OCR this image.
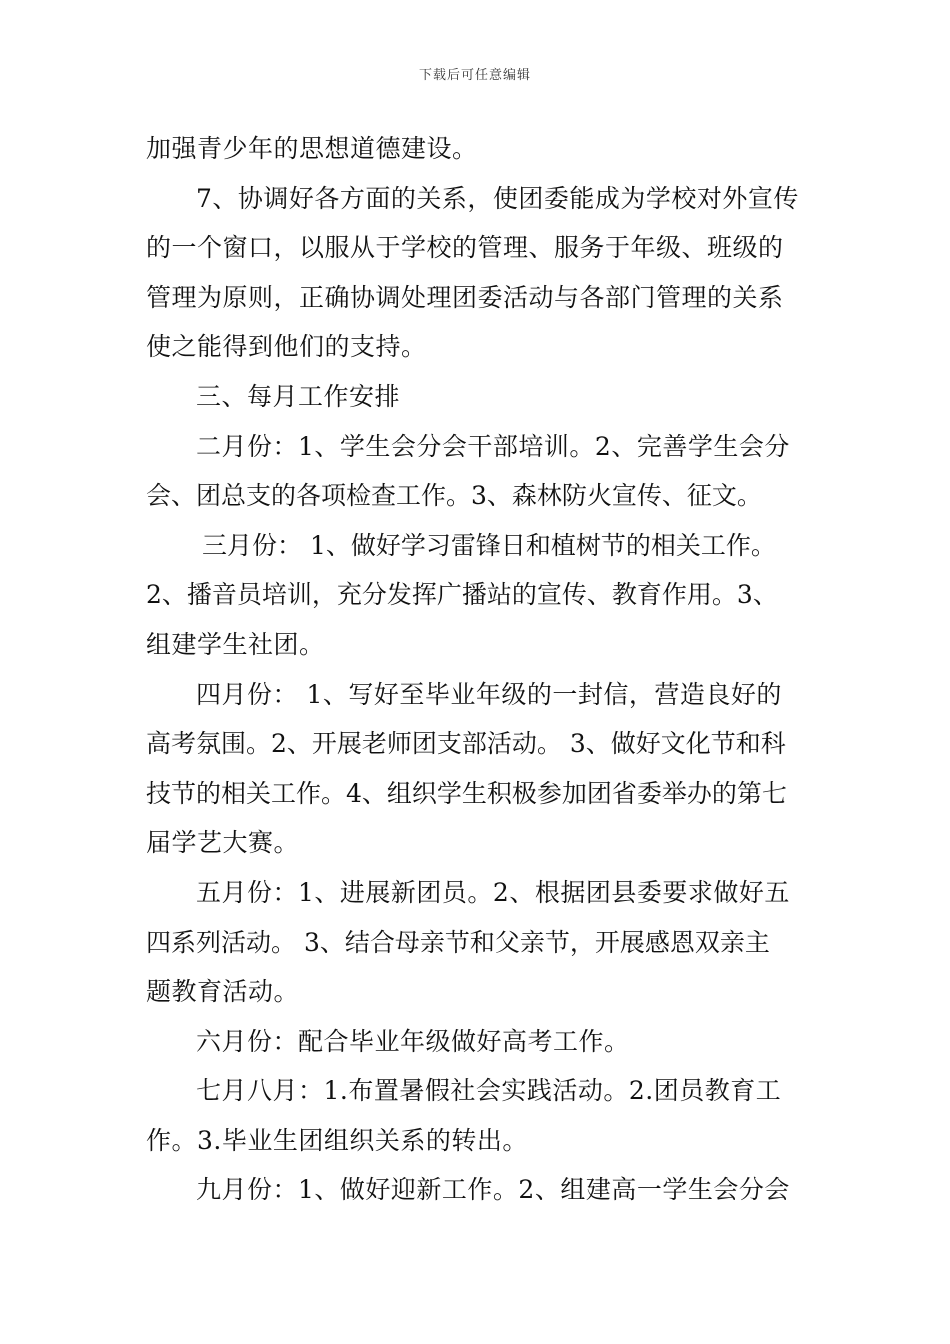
下载后可任意编辑
加强青少年的思想道德建设。
7、协调好各方面的关系，使团委能成为学校对外宣传
的一个窗口，以服从于学校的管理、服务于年级、班级的
管理为原则，正确协调处理团委活动与各部门管理的关系
使之能得到他们的支持。
三、每月工作安排
二月份：1、学生会分会干部培训。2、完善学生会分
会、团总支的各项检查工作。3、森林防火宣传、征文。
三月份： 1、做好学习雷锋日和植树节的相关工作。
2、播音员培训，充分发挥广播站的宣传、教育作用。3、
组建学生社团。
四月份： 1、写好至毕业年级的一封信，营造良好的
高考氛围。2、开展老师团支部活动。 3、做好文化节和科
技节的相关工作。4、组织学生积极参加团省委举办的第七
届学艺大赛。
五月份：1、进展新团员。2、根据团县委要求做好五
四系列活动。 3、结合母亲节和父亲节，开展感恩双亲主
题教育活动。
六月份：配合毕业年级做好高考工作。
七月八月：1.布置暑假社会实践活动。2.团员教育工
作。3.毕业生团组织关系的转出。
九月份：1、做好迎新工作。2、组建高一学生会分会
